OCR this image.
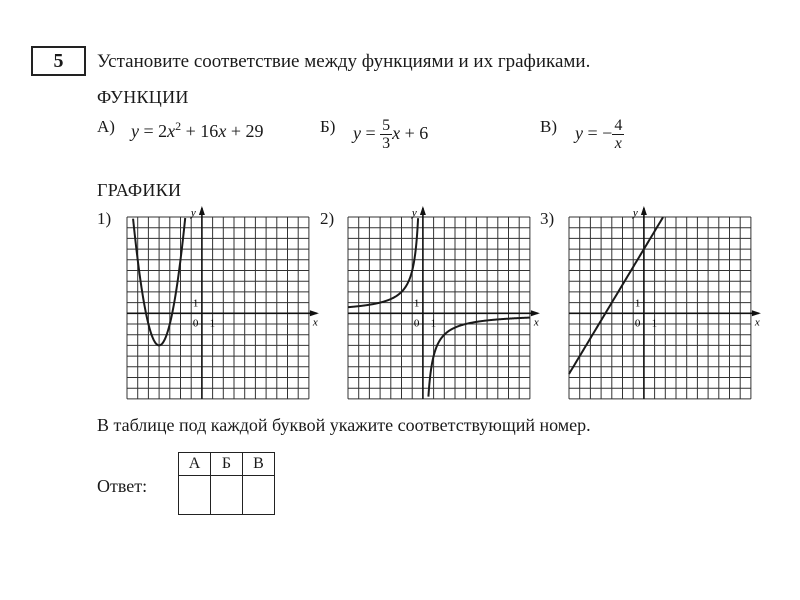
5 Установите соответствие между функциями и их графиками.
ФУНКЦИИ
А) $y = 2x^2 + 16x + 29$	Б) $y = \frac{5}{3}$ x + 6	В) y = − $\frac{4}{x}$
ГРАФИКИ
1)	2)	3)
y
x
0 1
1
y
x
0 1
1
y
x
0 1
1
В таблице под каждой буквой укажите соответствующий номер.
Ответ:
А	Б	В
